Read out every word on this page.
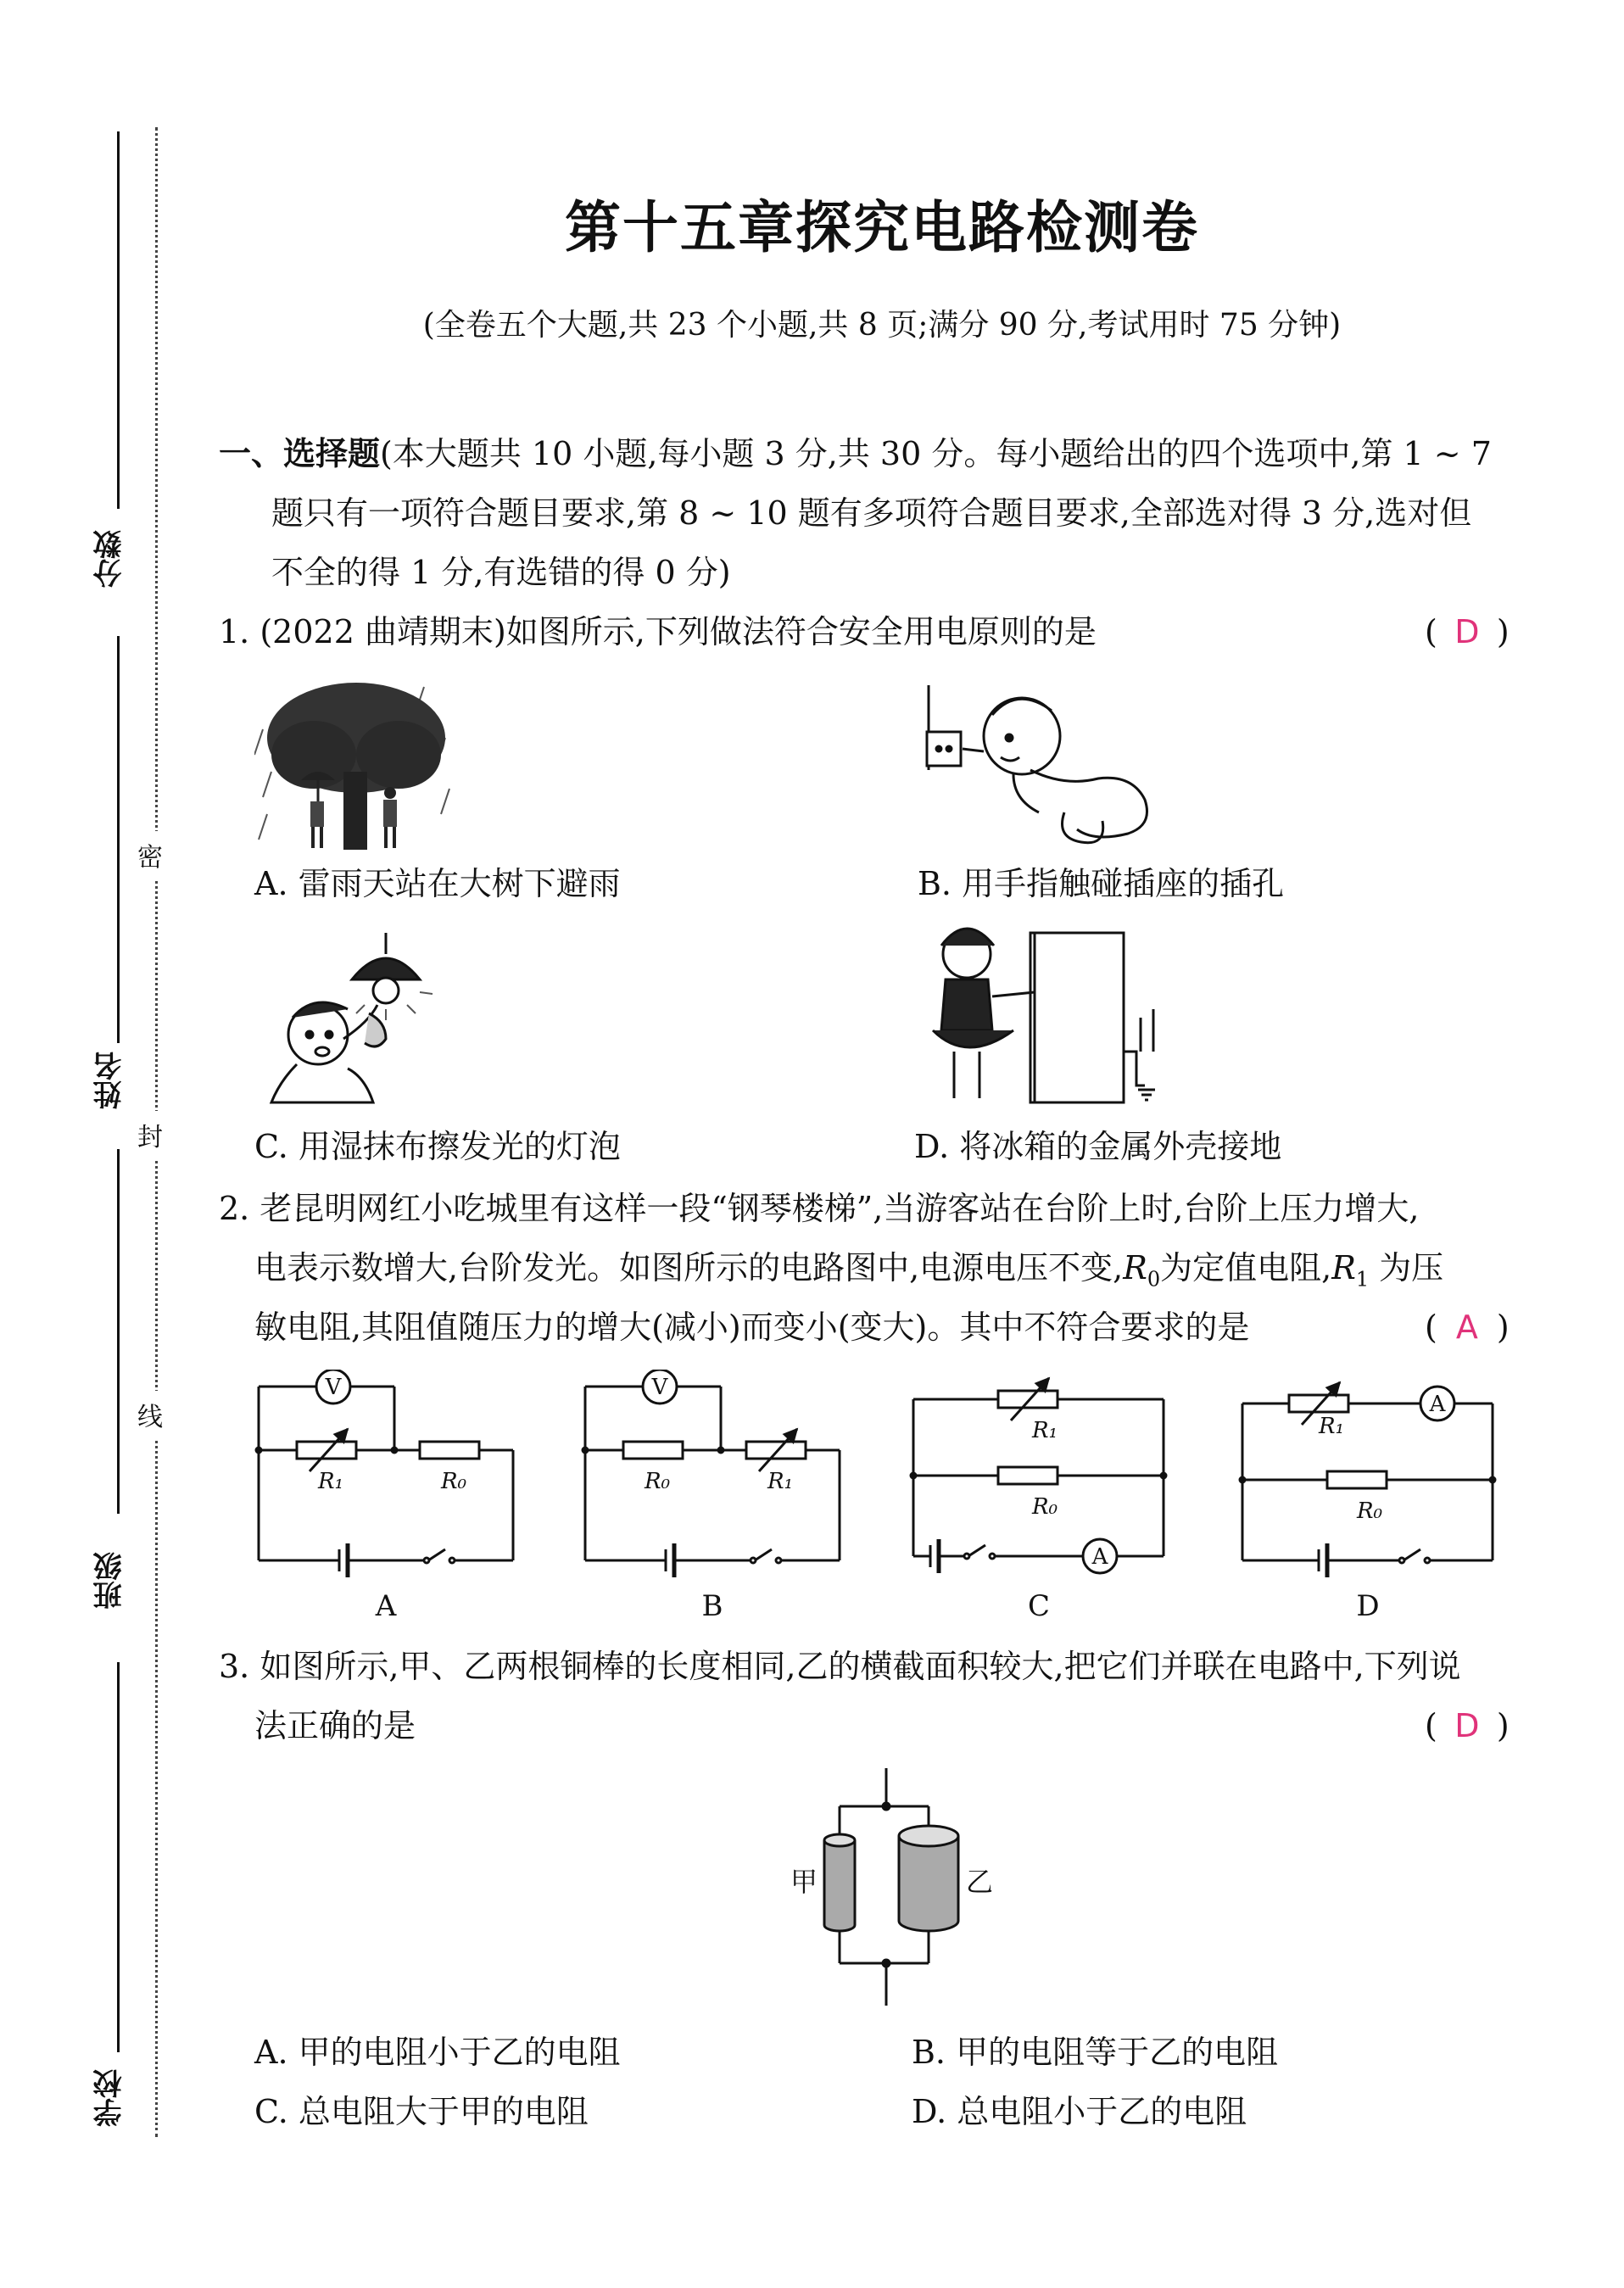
分数
姓名
班级
学校
密
封
线
第十五章探究电路检测卷
(全卷五个大题,共 23 个小题,共 8 页;满分 90 分,考试用时 75 分钟)
一、选择题(本大题共 10 小题,每小题 3 分,共 30 分。每小题给出的四个选项中,第 1 ~ 7
题只有一项符合题目要求,第 8 ~ 10 题有多项符合题目要求,全部选对得 3 分,选对但
不全的得 1 分,有选错的得 0 分)
1. (2022 曲靖期末)如图所示,下列做法符合安全用电原则的是	( D )
A. 雷雨天站在大树下避雨	B. 用手指触碰插座的插孔
C. 用湿抹布擦发光的灯泡	D. 将冰箱的金属外壳接地
2. 老昆明网红小吃城里有这样一段“钢琴楼梯”,当游客站在台阶上时,台阶上压力增大,
电表示数增大,台阶发光。如图所示的电路图中,电源电压不变$,R_0$为定值电阻$,R_1$ 为压
敏电阻,其阻值随压力的增大(减小)而变小(变大)。其中不符合要求的是	( A )
V
R₁	R₀
V
R₀	R₁
R₁
R₀
A
A
R₁
R₀
A	B	C	D
3. 如图所示,甲、乙两根铜棒的长度相同,乙的横截面积较大,把它们并联在电路中,下列说
法正确的是	( D )
甲	乙
A. 甲的电阻小于乙的电阻	B. 甲的电阻等于乙的电阻
C. 总电阻大于甲的电阻	D. 总电阻小于乙的电阻
